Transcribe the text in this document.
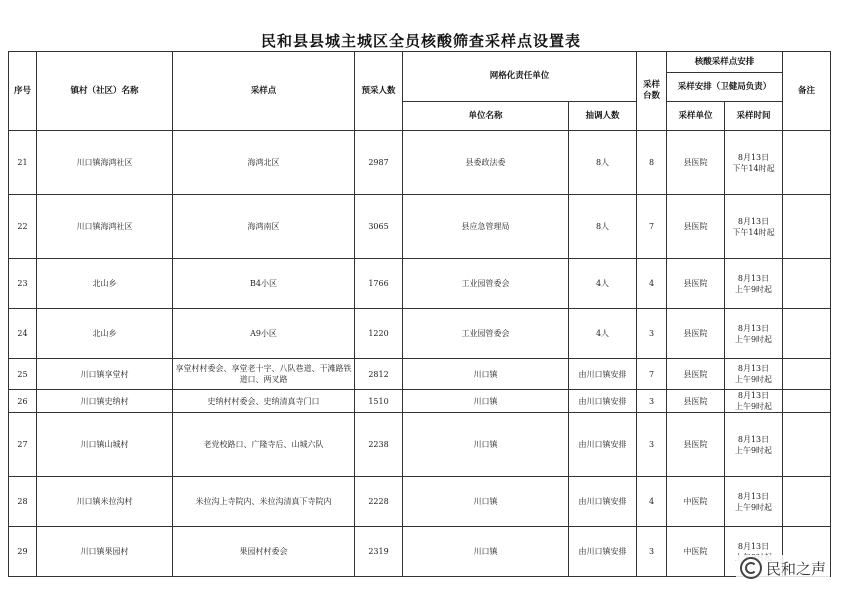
民和县县城主城区全员核酸筛查采样点设置表
序号	镇村（社区）名称	采样点	预采人数	网格化责任单位		采样台数	核酸采样点安排		备注
							采样安排（卫健局负责）		
				单位名称	抽调人数		采样单位	采样时间	
21	川口镇海鸿社区	海鸿北区	2987	县委政法委	8人	8	县医院	8月13日
下午14时起	

22	川口镇海鸿社区	海鸿南区	3065	县应急管理局	8人	7	县医院	8月13日
下午14时起	

23	北山乡	B4小区	1766	工业园管委会	4人	4	县医院	8月13日
上午9时起	

24	北山乡	A9小区	1220	工业园管委会	4人	3	县医院	8月13日
上午9时起	

25	川口镇享堂村	享堂村村委会、享堂老十字、八队巷道、干滩路铁道口、两叉路	2812	川口镇	由川口镇安排	7	县医院	8月13日
上午9时起	

26	川口镇史纳村	史纳村村委会、史纳清真寺门口	1510	川口镇	由川口镇安排	3	县医院	8月13日
上午9时起	

27	川口镇山城村	老党校路口、广隆寺后、山城六队	2238	川口镇	由川口镇安排	3	县医院	8月13日
上午9时起	

28	川口镇米拉沟村	米拉沟上寺院内、米拉沟清真下寺院内	2228	川口镇	由川口镇安排	4	中医院	8月13日
上午9时起	

29	川口镇果园村	果园村村委会	2319	川口镇	由川口镇安排	3	中医院	8月13日	

民和之声
